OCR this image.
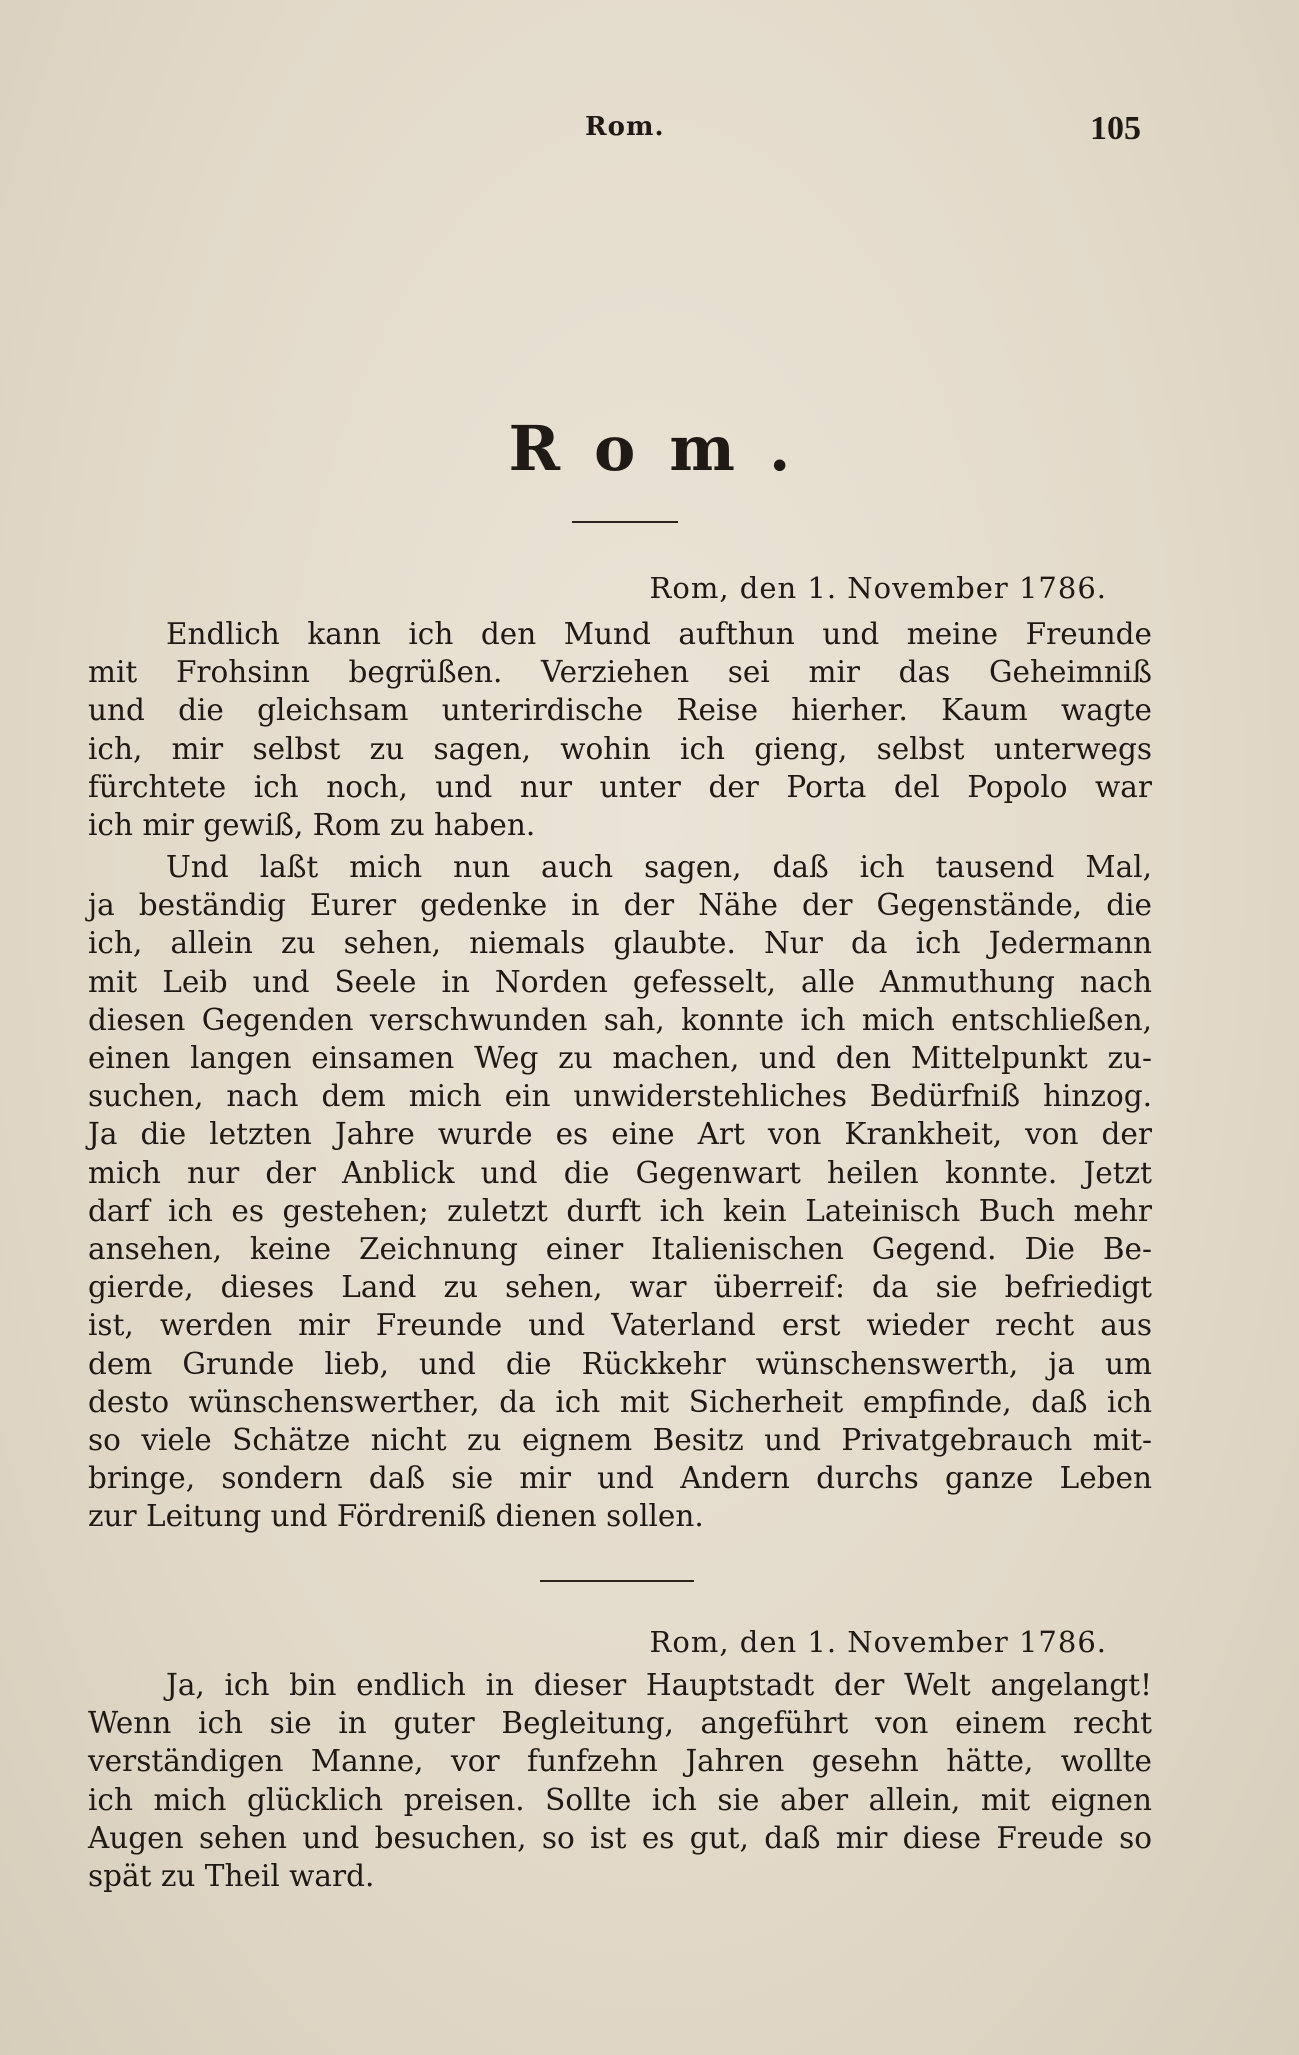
Rom.	105
Rom.
Rom, den 1. November 1786.
Endlich kann ich den Mund aufthun und meine Freunde
mit Frohsinn begrüßen. Verziehen sei mir das Geheimniß
und die gleichsam unterirdische Reise hierher. Kaum wagte
ich, mir selbst zu sagen, wohin ich gieng, selbst unterwegs
fürchtete ich noch, und nur unter der Porta del Popolo war
ich mir gewiß, Rom zu haben.
Und laßt mich nun auch sagen, daß ich tausend Mal,
ja beständig Eurer gedenke in der Nähe der Gegenstände, die
ich, allein zu sehen, niemals glaubte. Nur da ich Jedermann
mit Leib und Seele in Norden gefesselt, alle Anmuthung nach
diesen Gegenden verschwunden sah, konnte ich mich entschließen,
einen langen einsamen Weg zu machen, und den Mittelpunkt zu-
suchen, nach dem mich ein unwiderstehliches Bedürfniß hinzog.
Ja die letzten Jahre wurde es eine Art von Krankheit, von der
mich nur der Anblick und die Gegenwart heilen konnte. Jetzt
darf ich es gestehen; zuletzt durft ich kein Lateinisch Buch mehr
ansehen, keine Zeichnung einer Italienischen Gegend. Die Be-
gierde, dieses Land zu sehen, war überreif: da sie befriedigt
ist, werden mir Freunde und Vaterland erst wieder recht aus
dem Grunde lieb, und die Rückkehr wünschenswerth, ja um
desto wünschenswerther, da ich mit Sicherheit empfinde, daß ich
so viele Schätze nicht zu eignem Besitz und Privatgebrauch mit-
bringe, sondern daß sie mir und Andern durchs ganze Leben
zur Leitung und Fördreniß dienen sollen.
Rom, den 1. November 1786.
Ja, ich bin endlich in dieser Hauptstadt der Welt angelangt!
Wenn ich sie in guter Begleitung, angeführt von einem recht
verständigen Manne, vor funfzehn Jahren gesehn hätte, wollte
ich mich glücklich preisen. Sollte ich sie aber allein, mit eignen
Augen sehen und besuchen, so ist es gut, daß mir diese Freude so
spät zu Theil ward.
